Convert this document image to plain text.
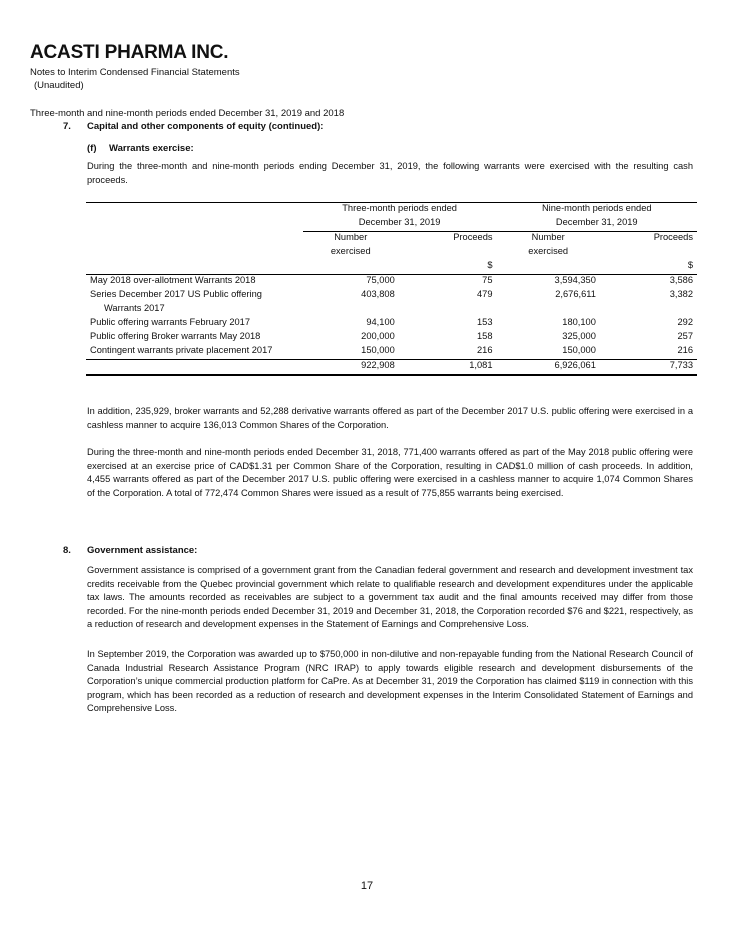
ACASTI PHARMA INC.
Notes to Interim Condensed Financial Statements
(Unaudited)
Three-month and nine-month periods ended December 31, 2019 and 2018
7. Capital and other components of equity (continued):
(f) Warrants exercise:
During the three-month and nine-month periods ending December 31, 2019, the following warrants were exercised with the resulting cash proceeds.
	Three-month periods ended		Nine-month periods ended	
	December 31, 2019		December 31, 2019	
	Number	Proceeds	Number	Proceeds
	exercised		exercised	
		$		$
May 2018 over-allotment Warrants 2018	75,000	75	3,594,350	3,586
Series December 2017 US Public offering	403,808	479	2,676,611	3,382
Warrants 2017				
Public offering warrants February 2017	94,100	153	180,100	292
Public offering Broker warrants May 2018	200,000	158	325,000	257
Contingent warrants private placement 2017	150,000	216	150,000	216
	922,908	1,081	6,926,061	7,733
In addition, 235,929, broker warrants and 52,288 derivative warrants offered as part of the December 2017 U.S. public offering were exercised in a cashless manner to acquire 136,013 Common Shares of the Corporation.
During the three-month and nine-month periods ended December 31, 2018, 771,400 warrants offered as part of the May 2018 public offering were exercised at an exercise price of CAD$1.31 per Common Share of the Corporation, resulting in CAD$1.0 million of cash proceeds. In addition, 4,455 warrants offered as part of the December 2017 U.S. public offering were exercised in a cashless manner to acquire 1,074 Common Shares of the Corporation. A total of 772,474 Common Shares were issued as a result of 775,855 warrants being exercised.
8. Government assistance:
Government assistance is comprised of a government grant from the Canadian federal government and research and development investment tax credits receivable from the Quebec provincial government which relate to qualifiable research and development expenditures under the applicable tax laws. The amounts recorded as receivables are subject to a government tax audit and the final amounts received may differ from those recorded. For the nine-month periods ended December 31, 2019 and December 31, 2018, the Corporation recorded $76 and $221, respectively, as a reduction of research and development expenses in the Statement of Earnings and Comprehensive Loss.
In September 2019, the Corporation was awarded up to $750,000 in non-dilutive and non-repayable funding from the National Research Council of Canada Industrial Research Assistance Program (NRC IRAP) to apply towards eligible research and development disbursements of the Corporation’s unique commercial production platform for CaPre. As at December 31, 2019 the Corporation has claimed $119 in connection with this program, which has been recorded as a reduction of research and development expenses in the Interim Consolidated Statement of Earnings and Comprehensive Loss.
17
